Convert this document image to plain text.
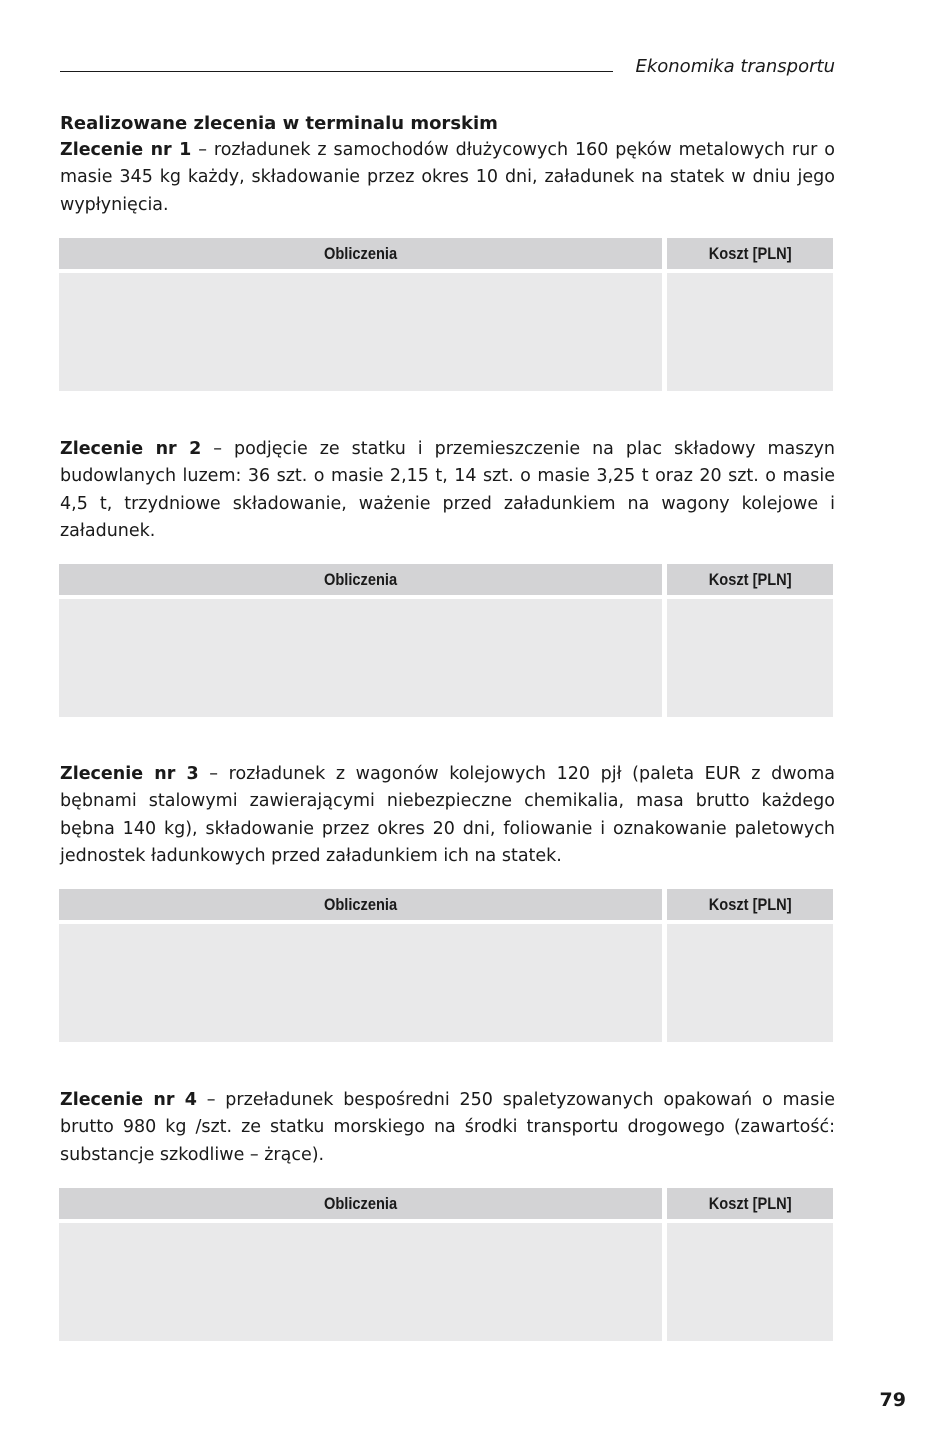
Ekonomika transportu
Realizowane zlecenia w terminalu morskim
Zlecenie nr 1 – rozładunek z samochodów dłużycowych 160 pęków metalowych rur o masie 345 kg każdy, składowanie przez okres 10 dni, załadunek na statek w dniu jego wypłynięcia.
Obliczenia	Koszt [PLN]
Zlecenie nr 2 – podjęcie ze statku i przemieszczenie na plac składowy maszyn budowlanych luzem: 36 szt. o masie 2,15 t, 14 szt. o masie 3,25 t oraz 20 szt. o masie 4,5 t, trzydniowe składowanie, ważenie przed załadunkiem na wagony kolejowe i załadunek.
Obliczenia	Koszt [PLN]
Zlecenie nr 3 – rozładunek z wagonów kolejowych 120 pjł (paleta EUR z dwoma bębnami stalowymi zawierającymi niebezpieczne chemikalia, masa brutto każdego bębna 140 kg), składowanie przez okres 20 dni, foliowanie i oznakowanie paletowych jednostek ładunkowych przed załadunkiem ich na statek.
Obliczenia	Koszt [PLN]
Zlecenie nr 4 – przeładunek bespośredni 250 spaletyzowanych opakowań o masie brutto 980 kg /szt. ze statku morskiego na środki transportu drogowego (zawartość: substancje szkodliwe – żrące).
Obliczenia	Koszt [PLN]
79
